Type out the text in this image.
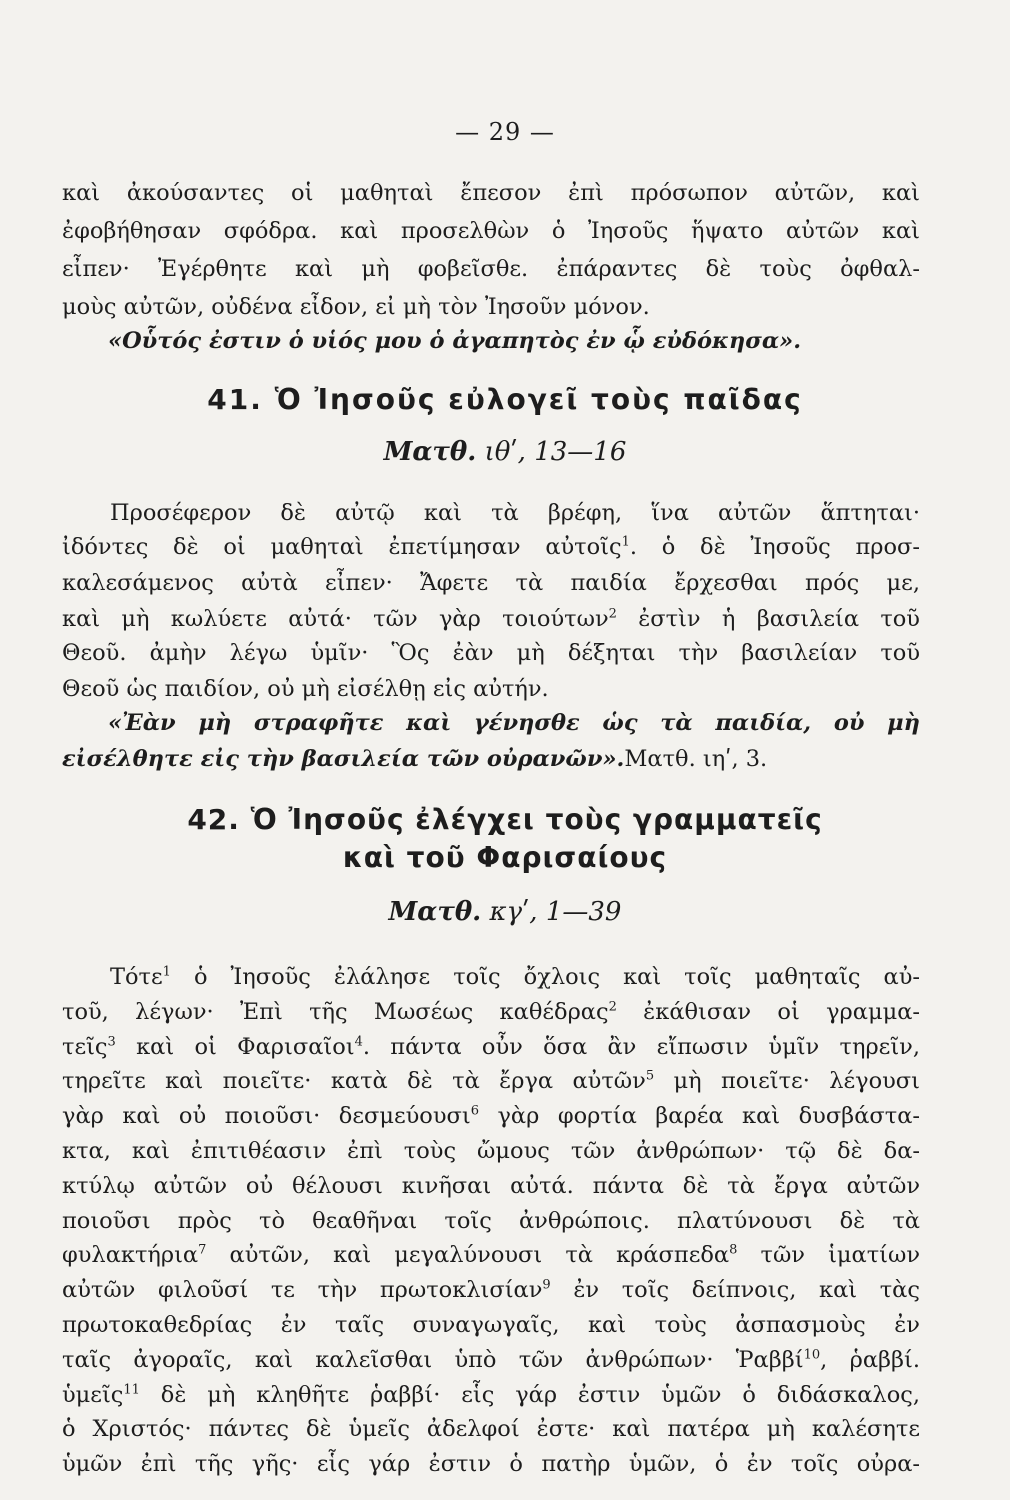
— 29 —
καὶ ἀκούσαντες οἱ μαθηταὶ ἔπεσον ἐπὶ πρόσωπον αὐτῶν, καὶ
ἐφοβήθησαν σφόδρα. καὶ προσελθὼν ὁ Ἰησοῦς ἥψατο αὐτῶν καὶ
εἶπεν· Ἐγέρθητε καὶ μὴ φοβεῖσθε. ἐπάραντες δὲ τοὺς ὀφθαλ-
μοὺς αὐτῶν, οὐδένα εἶδον, εἰ μὴ τὸν Ἰησοῦν μόνον.
«Οὗτός ἐστιν ὁ υἱός μου ὁ ἀγαπητὸς ἐν ᾧ εὐδόκησα».
41. Ὁ Ἰησοῦς εὐλογεῖ τοὺς παῖδας
Ματθ. ιθʹ, 13—16
Προσέφερον δὲ αὐτῷ καὶ τὰ βρέφη, ἵνα αὐτῶν ἅπτηται·
ἰδόντες δὲ οἱ μαθηταὶ ἐπετίμησαν αὐτοῖς$^1$. ὁ δὲ Ἰησοῦς προσ-
καλεσάμενος αὐτὰ εἶπεν· Ἄφετε τὰ παιδία ἔρχεσθαι πρός με,
καὶ μὴ κωλύετε αὐτά· τῶν γὰρ τοιούτων$^2$ ἐστὶν ἡ βασιλεία τοῦ
Θεοῦ. ἀμὴν λέγω ὑμῖν· Ὃς ἐὰν μὴ δέξηται τὴν βασιλείαν τοῦ
Θεοῦ ὡς παιδίον, οὐ μὴ εἰσέλθῃ εἰς αὐτήν.
«Ἐὰν μὴ στραφῆτε καὶ γένησθε ὡς τὰ παιδία, οὐ μὴ
εἰσέλθητε εἰς τὴν βασιλεία τῶν οὐρανῶν».Ματθ. ιηʹ, 3.
42. Ὁ Ἰησοῦς ἐλέγχει τοὺς γραμματεῖς
καὶ τοῦ Φαρισαίους
Ματθ. κγʹ, 1—39
Τότε$^1$ ὁ Ἰησοῦς ἐλάλησε τοῖς ὄχλοις καὶ τοῖς μαθηταῖς αὐ-
τοῦ, λέγων· Ἐπὶ τῆς Μωσέως καθέδρας$^2$ ἐκάθισαν οἱ γραμμα-
τεῖς$^3$ καὶ οἱ Φαρισαῖοι$^4$. πάντα οὖν ὅσα ἂν εἴπωσιν ὑμῖν τηρεῖν,
τηρεῖτε καὶ ποιεῖτε· κατὰ δὲ τὰ ἔργα αὐτῶν$^5$ μὴ ποιεῖτε· λέγουσι
γὰρ καὶ οὐ ποιοῦσι· δεσμεύουσι$^6$ γὰρ φορτία βαρέα καὶ δυσβάστα-
κτα, καὶ ἐπιτιθέασιν ἐπὶ τοὺς ὤμους τῶν ἀνθρώπων· τῷ δὲ δα-
κτύλῳ αὐτῶν οὐ θέλουσι κινῆσαι αὐτά. πάντα δὲ τὰ ἔργα αὐτῶν
ποιοῦσι πρὸς τὸ θεαθῆναι τοῖς ἀνθρώποις. πλατύνουσι δὲ τὰ
φυλακτήρια$^7$ αὐτῶν, καὶ μεγαλύνουσι τὰ κράσπεδα$^8$ τῶν ἱματίων
αὐτῶν φιλοῦσί τε τὴν πρωτοκλισίαν$^9$ ἐν τοῖς δείπνοις, καὶ τὰς
πρωτοκαθεδρίας ἐν ταῖς συναγωγαῖς, καὶ τοὺς ἀσπασμοὺς ἐν
ταῖς ἀγοραῖς, καὶ καλεῖσθαι ὑπὸ τῶν ἀνθρώπων· Ῥαββί$^{10}$, ῥαββί.
ὑμεῖς$^{11}$ δὲ μὴ κληθῆτε ῥαββί· εἷς γάρ ἐστιν ὑμῶν ὁ διδάσκαλος,
ὁ Χριστός· πάντες δὲ ὑμεῖς ἀδελφοί ἐστε· καὶ πατέρα μὴ καλέσητε
ὑμῶν ἐπὶ τῆς γῆς· εἷς γάρ ἐστιν ὁ πατὴρ ὑμῶν, ὁ ἐν τοῖς οὐρα-
